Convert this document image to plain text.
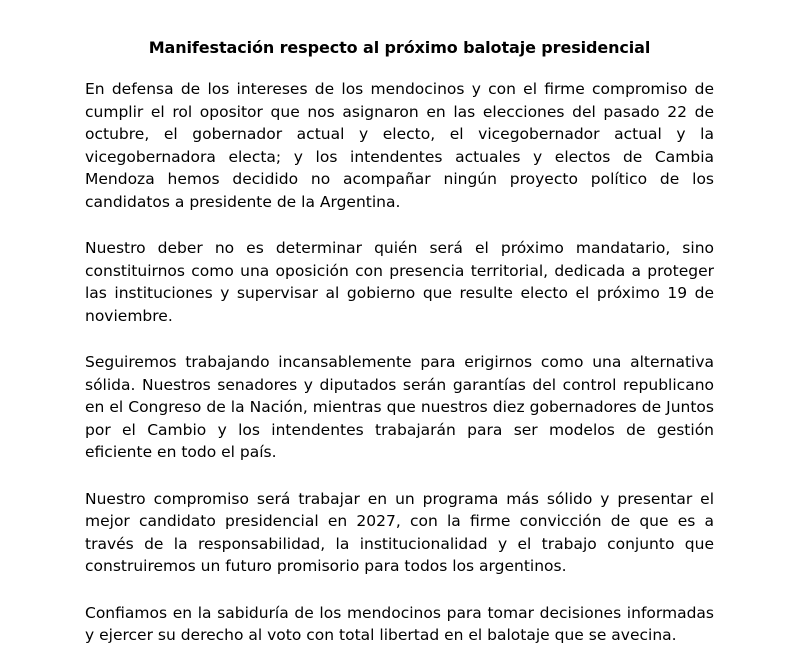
Manifestación respecto al próximo balotaje presidencial

En defensa de los intereses de los mendocinos y con el firme compromiso de cumplir el rol opositor que nos asignaron en las elecciones del pasado 22 de octubre, el gobernador actual y electo, el vicegobernador actual y la vicegobernadora electa; y los intendentes actuales y electos de Cambia Mendoza hemos decidido no acompañar ningún proyecto político de los candidatos a presidente de la Argentina.

Nuestro deber no es determinar quién será el próximo mandatario, sino constituirnos como una oposición con presencia territorial, dedicada a proteger las instituciones y supervisar al gobierno que resulte electo el próximo 19 de noviembre.

Seguiremos trabajando incansablemente para erigirnos como una alternativa sólida. Nuestros senadores y diputados serán garantías del control republicano en el Congreso de la Nación, mientras que nuestros diez gobernadores de Juntos por el Cambio y los intendentes trabajarán para ser modelos de gestión eficiente en todo el país.

Nuestro compromiso será trabajar en un programa más sólido y presentar el mejor candidato presidencial en 2027, con la firme convicción de que es a través de la responsabilidad, la institucionalidad y el trabajo conjunto que construiremos un futuro promisorio para todos los argentinos.

Confiamos en la sabiduría de los mendocinos para tomar decisiones informadas y ejercer su derecho al voto con total libertad en el balotaje que se avecina.
